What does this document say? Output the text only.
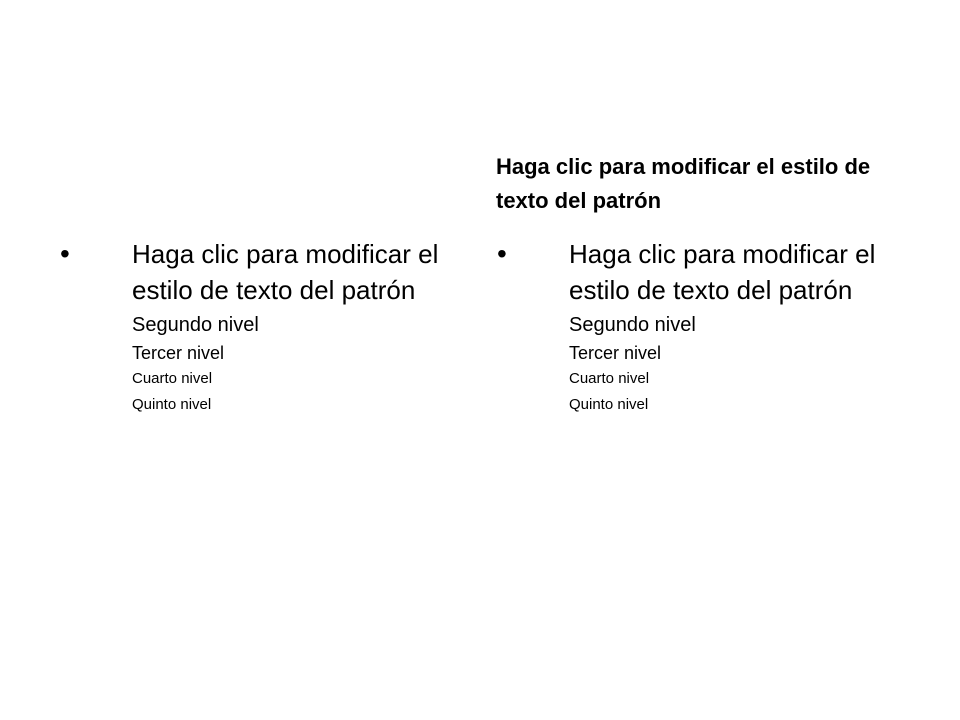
Haga clic para modificar el estilo de texto del patrón
• Haga clic para modificar el estilo de texto del patrón
Segundo nivel
Tercer nivel
Cuarto nivel
Quinto nivel
• Haga clic para modificar el estilo de texto del patrón
Segundo nivel
Tercer nivel
Cuarto nivel
Quinto nivel
